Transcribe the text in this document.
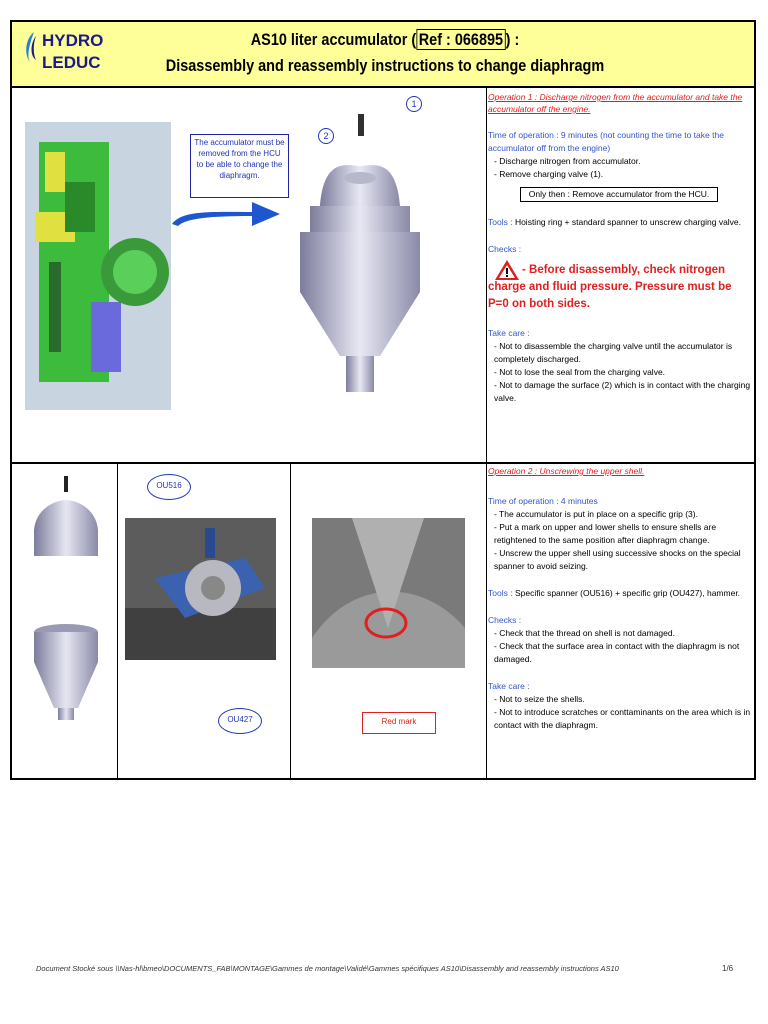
HYDRO
LEDUC
AS10 liter accumulator ( Ref : 066895 ) :
Disassembly and reassembly instructions to change diaphragm
The accumulator must be removed from the HCU to be able to change the diaphragm.
1
2
Operation 1 : Discharge nitrogen from the accumulator and take the accumulator off the engine.
Time of operation : 9 minutes (not counting the time to take the accumulator off from the engine)
- Discharge nitrogen from accumulator.
- Remove charging valve (1).
Only then : Remove accumulator from the HCU.
Tools : Hoisting ring + standard spanner to unscrew charging valve.
Checks :
- Before disassembly, check nitrogen charge and fluid pressure. Pressure must be P=0 on both sides.
Take care :
- Not to disassemble the charging valve until the accumulator is completely discharged.
- Not to lose the seal from the charging valve.
- Not to damage the surface (2) which is in contact with the charging valve.
OU516
OU427	Red mark
Operation 2 : Unscrewing the upper shell.
Time of operation : 4 minutes
- The accumulator is put in place on a specific grip (3).
- Put a mark on upper and lower shells to ensure shells are retightened to the same position after diaphragm change.
- Unscrew the upper shell using successive shocks on the special spanner to avoid seizing.
Tools : Specific spanner (OU516) + specific grip (OU427), hammer.
Checks :
- Check that the thread on shell is not damaged.
- Check that the surface area in contact with the diaphragm is not damaged.
Take care :
- Not to seize the shells.
- Not to introduce scratches or conttaminants on the area which is in contact with the diaphragm.
Document Stocké sous \\Nas-hl\bmeo\DOCUMENTS_FAB\MONTAGE\Gammes de montage\Validé\Gammes spécifiques AS10\Disassembly and reassembly instructions AS10	1/6
